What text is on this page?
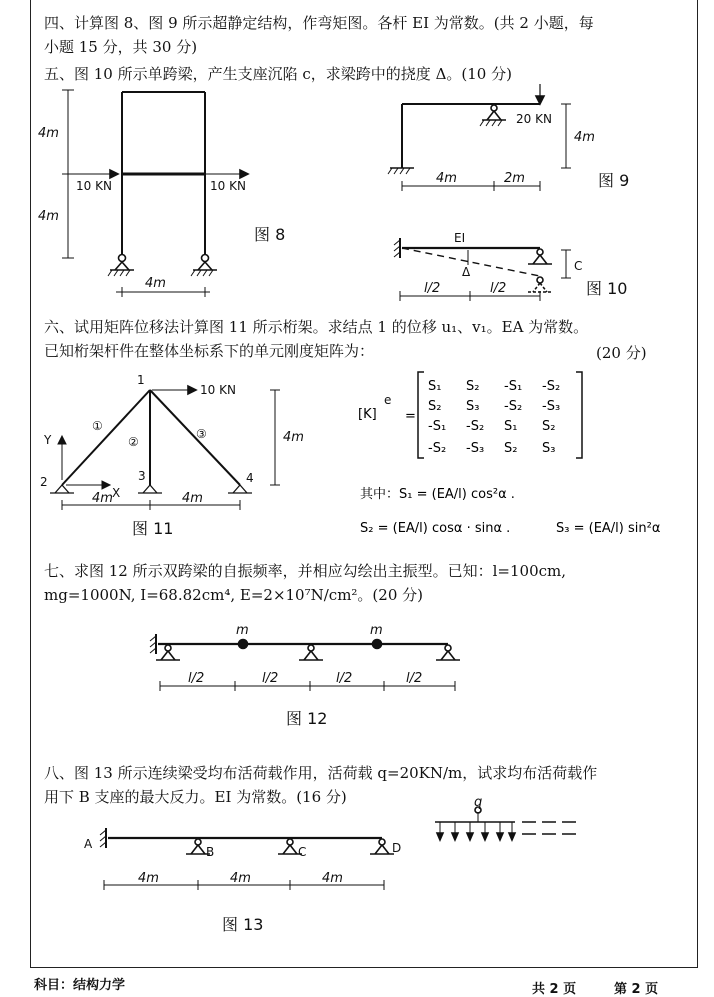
四、计算图 8、图 9 所示超静定结构，作弯矩图。各杆 EI 为常数。(共 2 小题，每
小题 15 分，共 30 分)
五、图 10 所示单跨梁，产生支座沉陷 c，求梁跨中的挠度 Δ。(10 分)
4m
4m
4m
10 KN	10 KN
图 8
20 KN
4m
4m	2m	图 9
EI
Δ	C
l/2	l/2	图 10
1
2	3	4
①
②
③
10 KN
4m
Y
X
4m	4m
图 11
[K]
e
=
S₁ S₂ -S₁ -S₂
S₂ S₃ -S₂ -S₃
-S₁ -S₂ S₁ S₂
-S₂ -S₃ S₂ S₃
其中：S₁ = (EA/l) cos²α .
S₂ = (EA/l) cosα · sinα .	S₃ = (EA/l) sin²α
m	m
l/2	l/2	l/2	l/2
图 12
A
B	C	D
4m	4m	4m
q
图 13
六、试用矩阵位移法计算图 11 所示桁架。求结点 1 的位移 u₁、v₁。EA 为常数。
已知桁架杆件在整体坐标系下的单元刚度矩阵为：	(20 分)
七、求图 12 所示双跨梁的自振频率，并相应勾绘出主振型。已知：l=100cm,
mg=1000N, I=68.82cm⁴, E=2×10⁷N/cm²。(20 分)
八、图 13 所示连续梁受均布活荷载作用，活荷载 q=20KN/m，试求均布活荷载作
用下 B 支座的最大反力。EI 为常数。(16 分)
科目：结构力学	共 2 页	第 2 页
